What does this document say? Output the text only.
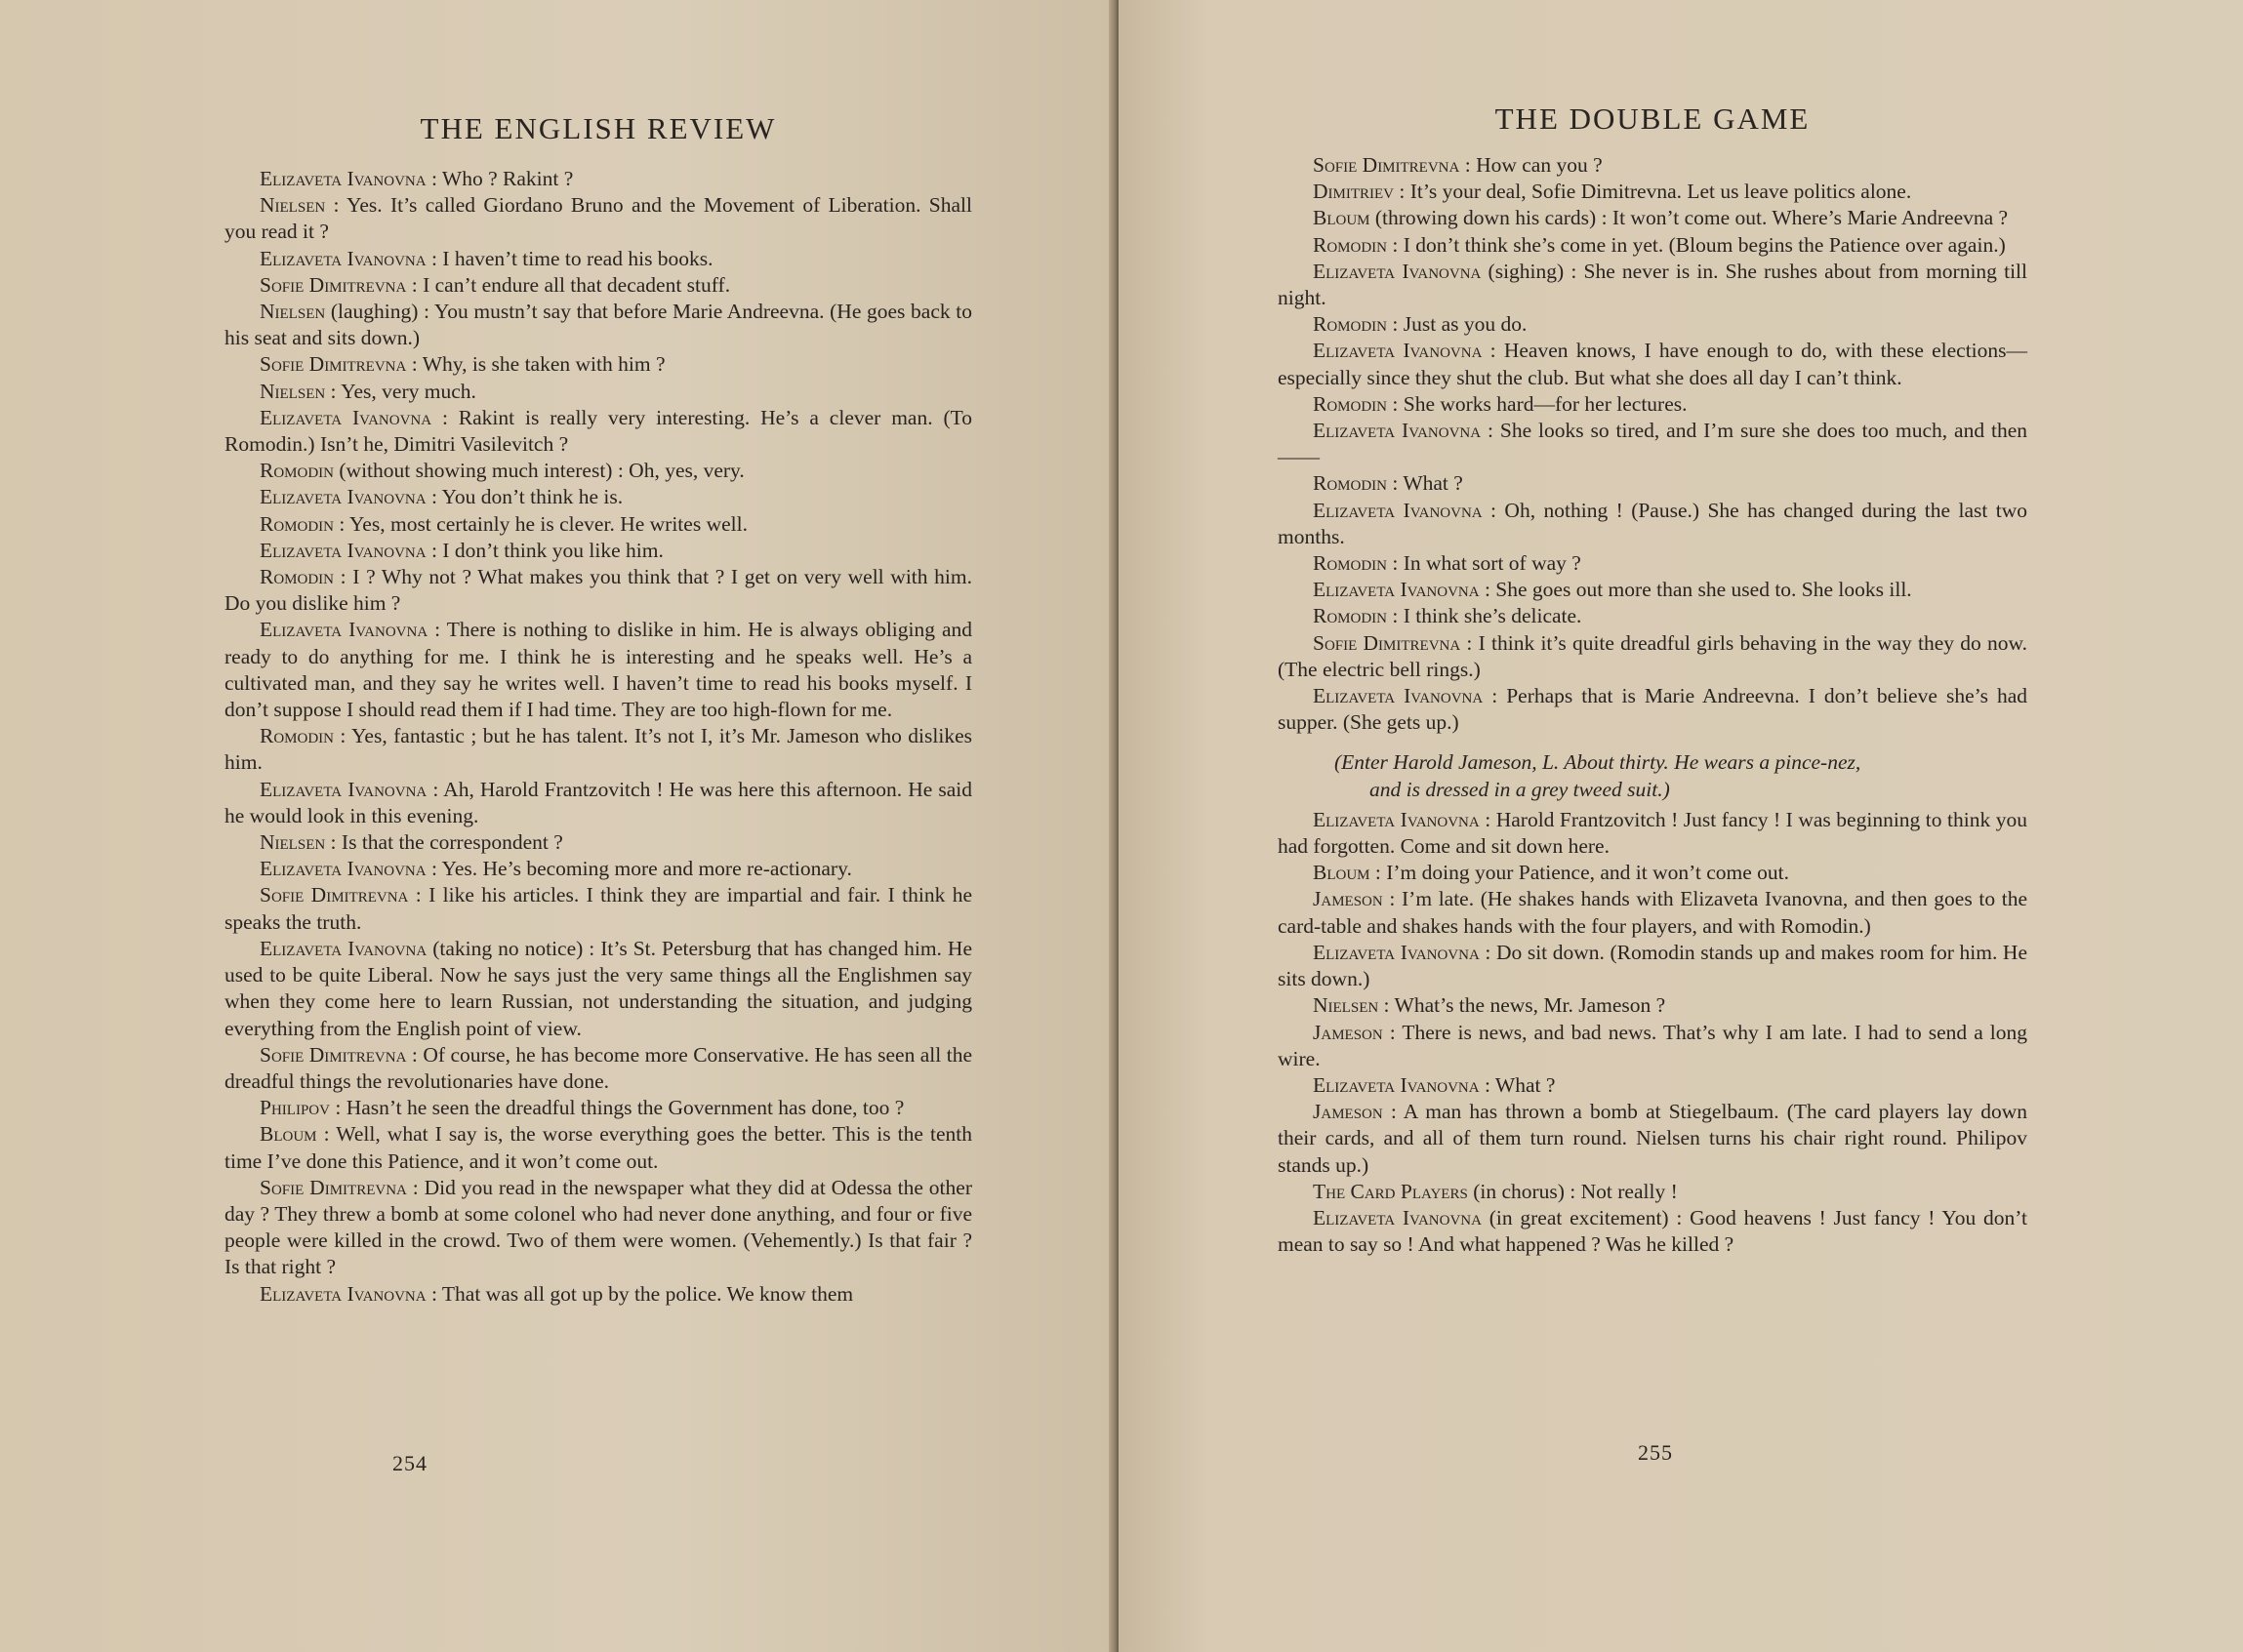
THE ENGLISH REVIEW

Elizaveta Ivanovna : Who ? Rakint ?

Nielsen : Yes. It’s called Giordano Bruno and the Movement of Liberation. Shall you read it ?

Elizaveta Ivanovna : I haven’t time to read his books.

Sofie Dimitrevna : I can’t endure all that decadent stuff.

Nielsen (laughing) : You mustn’t say that before Marie Andreevna. (He goes back to his seat and sits down.)

Sofie Dimitrevna : Why, is she taken with him ?

Nielsen : Yes, very much.

Elizaveta Ivanovna : Rakint is really very interesting. He’s a clever man. (To Romodin.) Isn’t he, Dimitri Vasilevitch ?

Romodin (without showing much interest) : Oh, yes, very.

Elizaveta Ivanovna : You don’t think he is.

Romodin : Yes, most certainly he is clever. He writes well.

Elizaveta Ivanovna : I don’t think you like him.

Romodin : I ? Why not ? What makes you think that ? I get on very well with him. Do you dislike him ?

Elizaveta Ivanovna : There is nothing to dislike in him. He is always obliging and ready to do anything for me. I think he is interesting and he speaks well. He’s a cultivated man, and they say he writes well. I haven’t time to read his books myself. I don’t suppose I should read them if I had time. They are too high-flown for me.

Romodin : Yes, fantastic ; but he has talent. It’s not I, it’s Mr. Jameson who dislikes him.

Elizaveta Ivanovna : Ah, Harold Frantzovitch ! He was here this afternoon. He said he would look in this evening.

Nielsen : Is that the correspondent ?

Elizaveta Ivanovna : Yes. He’s becoming more and more re-actionary.

Sofie Dimitrevna : I like his articles. I think they are impartial and fair. I think he speaks the truth.

Elizaveta Ivanovna (taking no notice) : It’s St. Petersburg that has changed him. He used to be quite Liberal. Now he says just the very same things all the Englishmen say when they come here to learn Russian, not understanding the situation, and judging everything from the English point of view.

Sofie Dimitrevna : Of course, he has become more Conservative. He has seen all the dreadful things the revolutionaries have done.

Philipov : Hasn’t he seen the dreadful things the Government has done, too ?

Bloum : Well, what I say is, the worse everything goes the better. This is the tenth time I’ve done this Patience, and it won’t come out.

Sofie Dimitrevna : Did you read in the newspaper what they did at Odessa the other day ? They threw a bomb at some colonel who had never done anything, and four or five people were killed in the crowd. Two of them were women. (Vehemently.) Is that fair ? Is that right ?

Elizaveta Ivanovna : That was all got up by the police. We know them

254
THE DOUBLE GAME

Sofie Dimitrevna : How can you ?

Dimitriev : It’s your deal, Sofie Dimitrevna. Let us leave politics alone.

Bloum (throwing down his cards) : It won’t come out. Where’s Marie Andreevna ?

Romodin : I don’t think she’s come in yet. (Bloum begins the Patience over again.)

Elizaveta Ivanovna (sighing) : She never is in. She rushes about from morning till night.

Romodin : Just as you do.

Elizaveta Ivanovna : Heaven knows, I have enough to do, with these elections—especially since they shut the club. But what she does all day I can’t think.

Romodin : She works hard—for her lectures.

Elizaveta Ivanovna : She looks so tired, and I’m sure she does too much, and then——

Romodin : What ?

Elizaveta Ivanovna : Oh, nothing ! (Pause.) She has changed during the last two months.

Romodin : In what sort of way ?

Elizaveta Ivanovna : She goes out more than she used to. She looks ill.

Romodin : I think she’s delicate.

Sofie Dimitrevna : I think it’s quite dreadful girls behaving in the way they do now. (The electric bell rings.)

Elizaveta Ivanovna : Perhaps that is Marie Andreevna. I don’t believe she’s had supper. (She gets up.)

(Enter Harold Jameson, L. About thirty. He wears a pince-nez,
and is dressed in a grey tweed suit.)

Elizaveta Ivanovna : Harold Frantzovitch ! Just fancy ! I was beginning to think you had forgotten. Come and sit down here.

Bloum : I’m doing your Patience, and it won’t come out.

Jameson : I’m late. (He shakes hands with Elizaveta Ivanovna, and then goes to the card-table and shakes hands with the four players, and with Romodin.)

Elizaveta Ivanovna : Do sit down. (Romodin stands up and makes room for him. He sits down.)

Nielsen : What’s the news, Mr. Jameson ?

Jameson : There is news, and bad news. That’s why I am late. I had to send a long wire.

Elizaveta Ivanovna : What ?

Jameson : A man has thrown a bomb at Stiegelbaum. (The card players lay down their cards, and all of them turn round. Nielsen turns his chair right round. Philipov stands up.)

The Card Players (in chorus) : Not really !

Elizaveta Ivanovna (in great excitement) : Good heavens ! Just fancy ! You don’t mean to say so ! And what happened ? Was he killed ?

255
